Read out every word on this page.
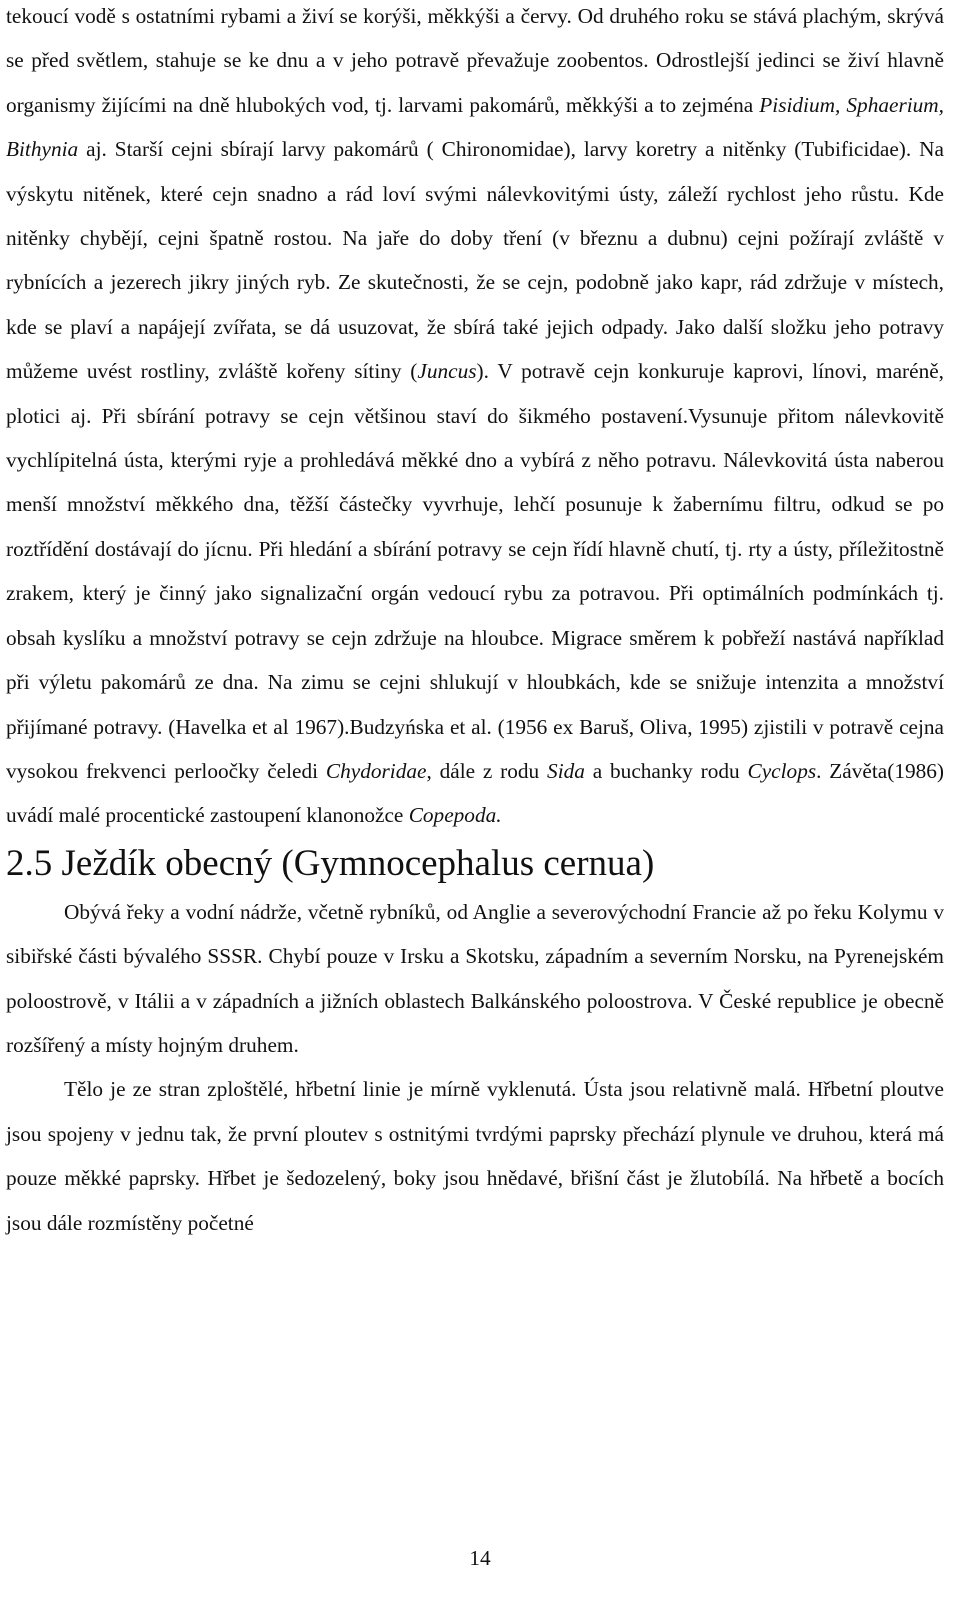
tekoucí vodě s ostatními rybami a živí se korýši, měkkýši a červy. Od druhého roku se stává plachým, skrývá se před světlem, stahuje se ke dnu a v jeho potravě převažuje zoobentos. Odrostlejší jedinci se živí hlavně organismy žijícími na dně hlubokých vod, tj. larvami pakomárů, měkkýši a to zejména Pisidium, Sphaerium, Bithynia aj. Starší cejni sbírají larvy pakomárů ( Chironomidae), larvy koretry a nitěnky (Tubificidae). Na výskytu nitěnek, které cejn snadno a rád loví svými nálevkovitými ústy, záleží rychlost jeho růstu. Kde nitěnky chybějí, cejni špatně rostou. Na jaře do doby tření (v březnu a dubnu) cejni požírají zvláště v rybnících a jezerech jikry jiných ryb. Ze skutečnosti, že se cejn, podobně jako kapr, rád zdržuje v místech, kde se plaví a napájejí zvířata, se dá usuzovat, že sbírá také jejich odpady. Jako další složku jeho potravy můžeme uvést rostliny, zvláště kořeny sítiny (Juncus). V potravě cejn konkuruje kaprovi, línovi, maréně, plotici aj. Při sbírání potravy se cejn většinou staví do šikmého postavení.Vysunuje přitom nálevkovitě vychlípitelná ústa, kterými ryje a prohledává měkké dno a vybírá z něho potravu. Nálevkovitá ústa naberou menší množství měkkého dna, těžší částečky vyvrhuje, lehčí posunuje k žabernímu filtru, odkud se po roztřídění dostávají do jícnu. Při hledání a sbírání potravy se cejn řídí hlavně chutí, tj. rty a ústy, příležitostně zrakem, který je činný jako signalizační orgán vedoucí rybu za potravou. Při optimálních podmínkách tj. obsah kyslíku a množství potravy se cejn zdržuje na hloubce. Migrace směrem k pobřeží nastává například při výletu pakomárů ze dna. Na zimu se cejni shlukují v hloubkách, kde se snižuje intenzita a množství přijímané potravy. (Havelka et al 1967).Budzyńska et al. (1956 ex Baruš, Oliva, 1995) zjistili v potravě cejna vysokou frekvenci perloočky čeledi Chydoridae, dále z rodu Sida a buchanky rodu Cyclops. Závěta(1986) uvádí malé procentické zastoupení klanonožce Copepoda.

2.5 Ježdík obecný (Gymnocephalus cernua)

Obývá řeky a vodní nádrže, včetně rybníků, od Anglie a severovýchodní Francie až po řeku Kolymu v sibiřské části bývalého SSSR. Chybí pouze v Irsku a Skotsku, západním a severním Norsku, na Pyrenejském poloostrově, v Itálii a v západních a jižních oblastech Balkánského poloostrova. V České republice je obecně rozšířený a místy hojným druhem.

Tělo je ze stran zploštělé, hřbetní linie je mírně vyklenutá. Ústa jsou relativně malá. Hřbetní ploutve jsou spojeny v jednu tak, že první ploutev s ostnitými tvrdými paprsky přechází plynule ve druhou, která má pouze měkké paprsky. Hřbet je šedozelený, boky jsou hnědavé, břišní část je žlutobílá. Na hřbetě a bocích jsou dále rozmístěny početné

14
